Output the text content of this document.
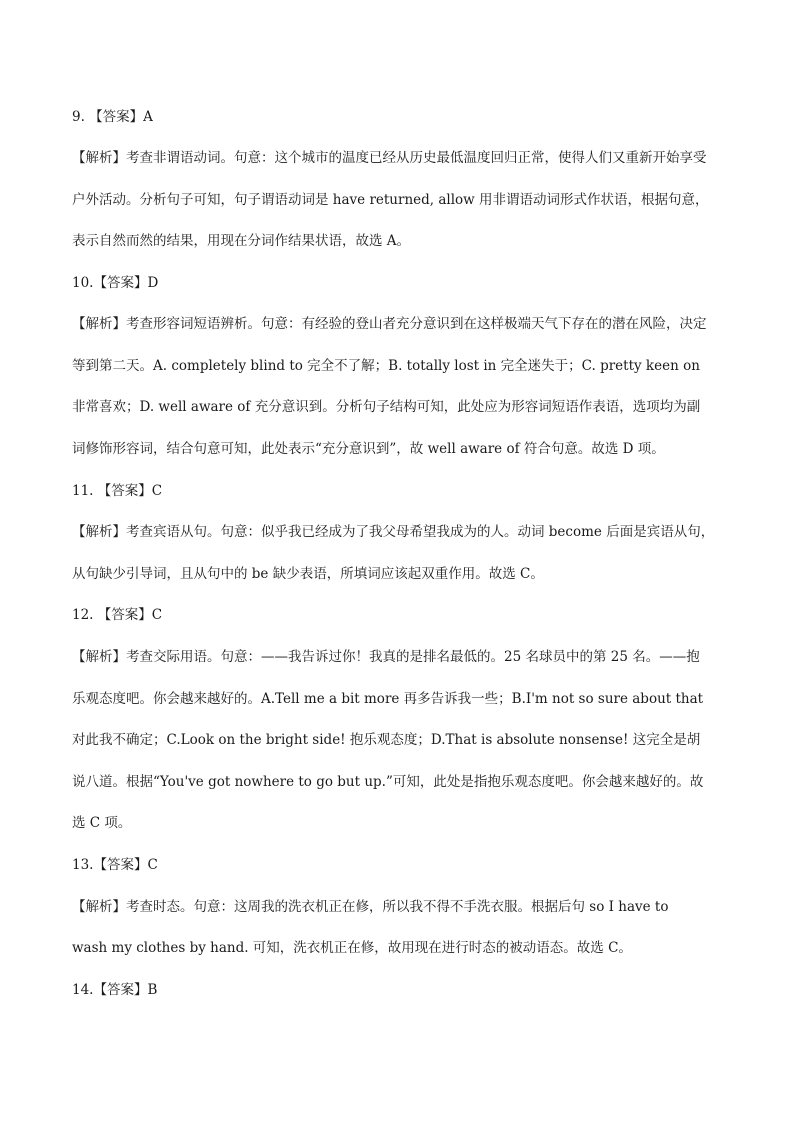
9. 【答案】A
【解析】考查非谓语动词。句意：这个城市的温度已经从历史最低温度回归正常，使得人们又重新开始享受
户外活动。分析句子可知，句子谓语动词是 have returned, allow 用非谓语动词形式作状语，根据句意，
表示自然而然的结果，用现在分词作结果状语，故选 A。
10.【答案】D
【解析】考查形容词短语辨析。句意：有经验的登山者充分意识到在这样极端天气下存在的潜在风险，决定
等到第二天。A. completely blind to 完全不了解；B. totally lost in 完全迷失于；C. pretty keen on
非常喜欢；D. well aware of 充分意识到。分析句子结构可知，此处应为形容词短语作表语，选项均为副
词修饰形容词，结合句意可知，此处表示“充分意识到”，故 well aware of 符合句意。故选 D 项。
11. 【答案】C
【解析】考查宾语从句。句意：似乎我已经成为了我父母希望我成为的人。动词 become 后面是宾语从句，
从句缺少引导词，且从句中的 be 缺少表语，所填词应该起双重作用。故选 C。
12. 【答案】C
【解析】考查交际用语。句意：——我告诉过你！我真的是排名最低的。25 名球员中的第 25 名。——抱
乐观态度吧。你会越来越好的。A.Tell me a bit more 再多告诉我一些；B.I'm not so sure about that
对此我不确定；C.Look on the bright side! 抱乐观态度；D.That is absolute nonsense! 这完全是胡
说八道。根据“You've got nowhere to go but up.”可知，此处是指抱乐观态度吧。你会越来越好的。故
选 C 项。
13.【答案】C
【解析】考查时态。句意：这周我的洗衣机正在修，所以我不得不手洗衣服。根据后句 so I have to
wash my clothes by hand. 可知，洗衣机正在修，故用现在进行时态的被动语态。故选 C。
14.【答案】B
